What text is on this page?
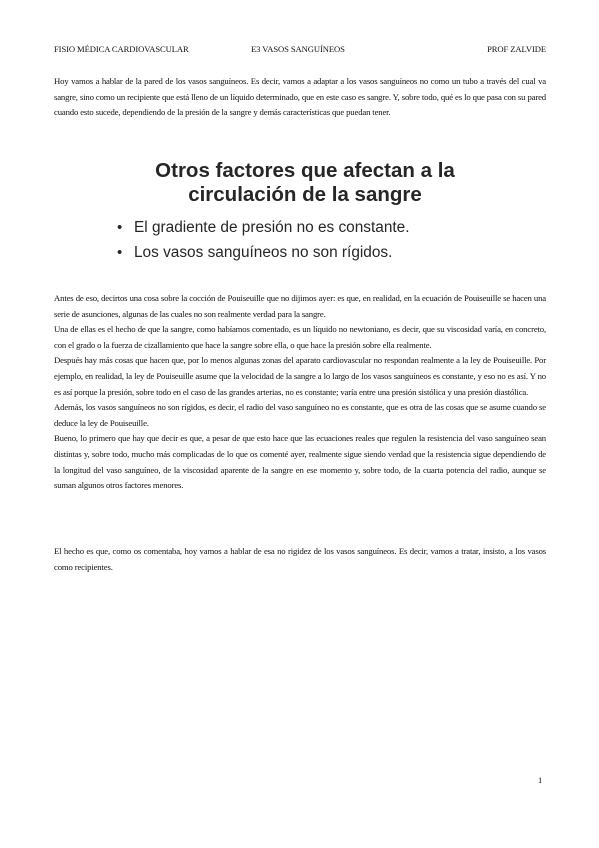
FISIO MÉDICA CARDIOVASCULAR	E3 VASOS SANGUÍNEOS	PROF ZALVIDE

Hoy vamos a hablar de la pared de los vasos sanguíneos. Es decir, vamos a adaptar a los vasos sanguíneos no como un tubo a través del cual va sangre, sino como un recipiente que está lleno de un líquido determinado, que en este caso es sangre. Y, sobre todo, qué es lo que pasa con su pared cuando esto sucede, dependiendo de la presión de la sangre y demás características que puedan tener.

Otros factores que afectan a la
circulación de la sangre
• El gradiente de presión no es constante.
• Los vasos sanguíneos no son rígidos.
Antes de eso, decirtos una cosa sobre la cocción de Pouiseuille que no dijimos ayer: es que, en realidad, en la ecuación de Pouiseuille se hacen una serie de asunciones, algunas de las cuales no son realmente verdad para la sangre.
Una de ellas es el hecho de que la sangre, como habíamos comentado, es un líquido no newtoniano, es decir, que su viscosidad varía, en concreto, con el grado o la fuerza de cizallamiento que hace la sangre sobre ella, o que hace la presión sobre ella realmente.
Después hay más cosas que hacen que, por lo menos algunas zonas del aparato cardiovascular no respondan realmente a la ley de Pouiseuille. Por ejemplo, en realidad, la ley de Pouiseuille asume que la velocidad de la sangre a lo largo de los vasos sanguíneos es constante, y eso no es así. Y no es así porque la presión, sobre todo en el caso de las grandes arterias, no es constante; varía entre una presión sistólica y una presión diastólica.
Además, los vasos sanguíneos no son rígidos, es decir, el radio del vaso sanguíneo no es constante, que es otra de las cosas que se asume cuando se deduce la ley de Pouiseuille.
Bueno, lo primero que hay que decir es que, a pesar de que esto hace que las ecuaciones reales que regulen la resistencia del vaso sanguíneo sean distintas y, sobre todo, mucho más complicadas de lo que os comenté ayer, realmente sigue siendo verdad que la resistencia sigue dependiendo de la longitud del vaso sanguíneo, de la viscosidad aparente de la sangre en ese momento y, sobre todo, de la cuarta potencia del radio, aunque se suman algunos otros factores menores.

El hecho es que, como os comentaba, hoy vamos a hablar de esa no rigidez de los vasos sanguíneos. Es decir, vamos a tratar, insisto, a los vasos como recipientes.

1
